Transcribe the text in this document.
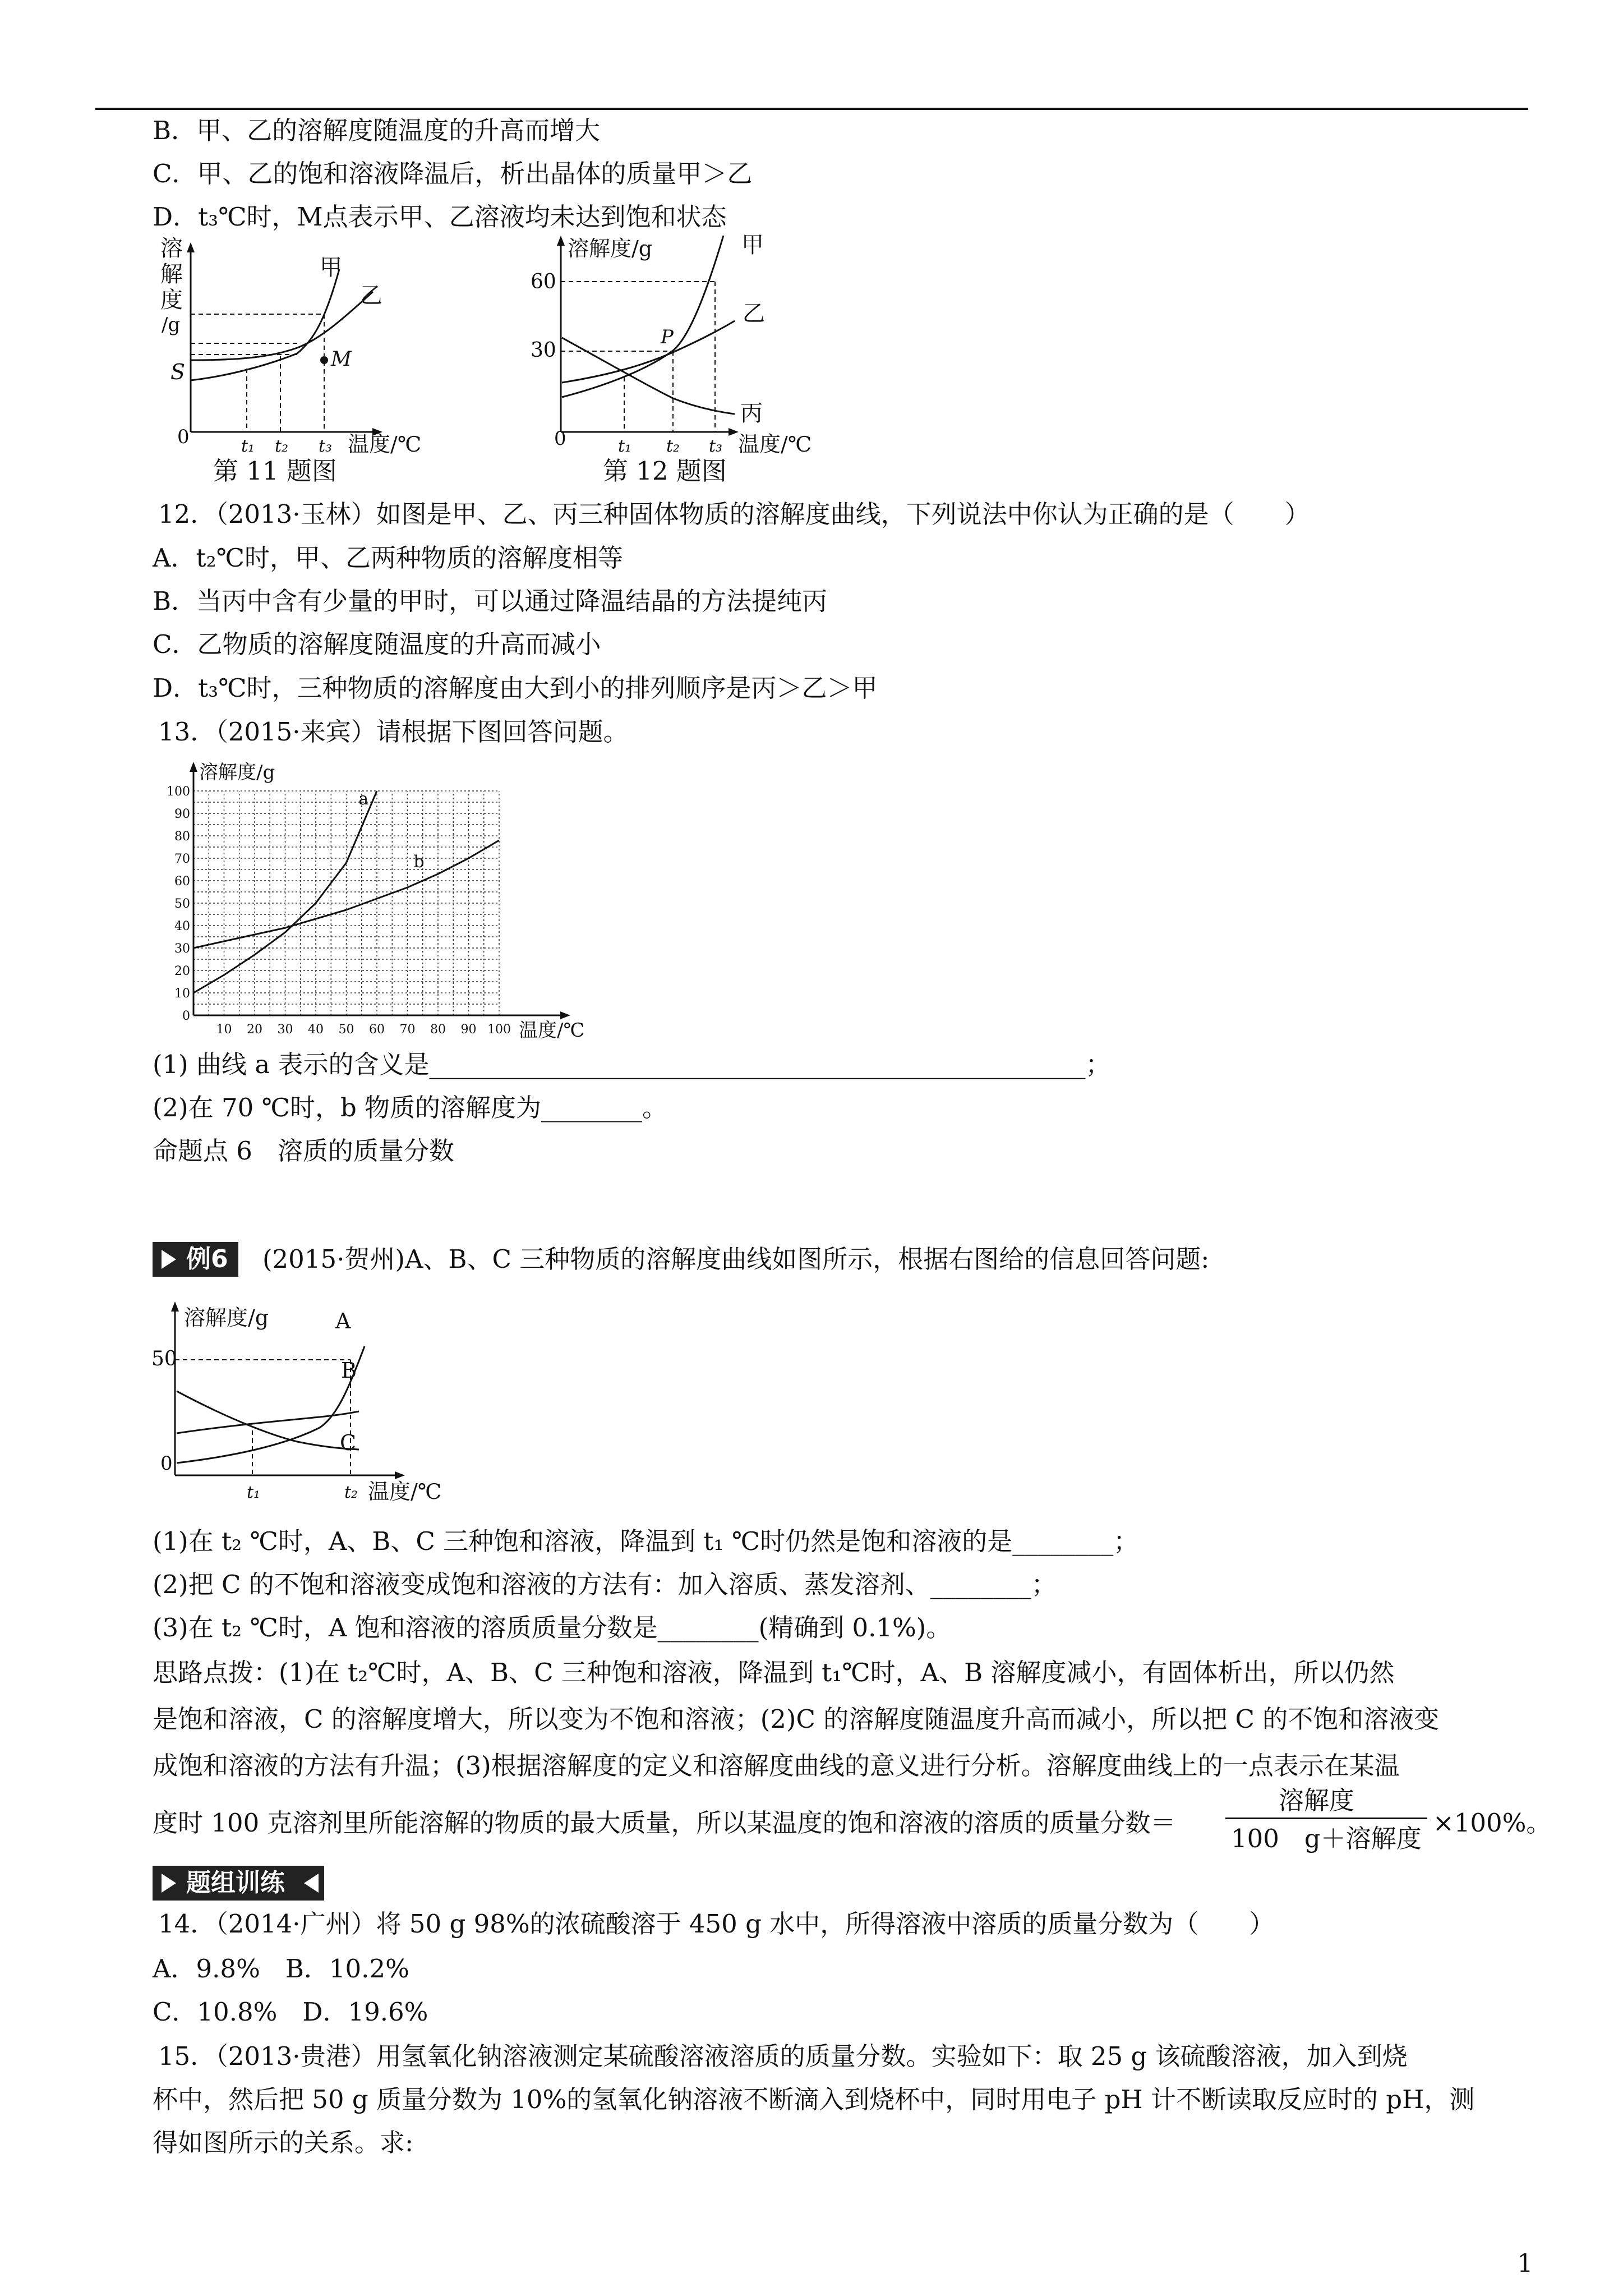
B．甲、乙的溶解度随温度的升高而增大
C．甲、乙的饱和溶液降温后，析出晶体的质量甲＞乙
D．t₃℃时，M点表示甲、乙溶液均未达到饱和状态
溶
解
度
/g
S
0
M
甲
乙
t₁ t₂ t₃ 温度/℃
第 11 题图
溶解度/g
60
30
0
P
甲
乙
丙
t₁ t₂ t₃ 温度/℃
第 12 题图
12．（2013·玉林）如图是甲、乙、丙三种固体物质的溶解度曲线，下列说法中你认为正确的是（　　）
A．t₂℃时，甲、乙两种物质的溶解度相等
B．当丙中含有少量的甲时，可以通过降温结晶的方法提纯丙
C．乙物质的溶解度随温度的升高而减小
D．t₃℃时，三种物质的溶解度由大到小的排列顺序是丙＞乙＞甲
13．（2015·来宾）请根据下图回答问题。
0
10
20
30
40
50
60
70
80
90
100
10 20 30 40 50 60 70 80 90 100
溶解度/g
温度/℃
a
b
(1) 曲线 a 表示的含义是____________________________________________________；
(2)在 70 ℃时，b 物质的溶解度为________。
命题点 6　溶质的质量分数
例6	(2015·贺州)A、B、C 三种物质的溶解度曲线如图所示，根据右图给的信息回答问题:
溶解度/g
50
0
A
B
C
t₁	t₂ 温度/℃
(1)在 t₂ ℃时，A、B、C 三种饱和溶液，降温到 t₁ ℃时仍然是饱和溶液的是________；
(2)把 C 的不饱和溶液变成饱和溶液的方法有：加入溶质、蒸发溶剂、________；
(3)在 t₂ ℃时，A 饱和溶液的溶质质量分数是________(精确到 0.1%)。
思路点拨：(1)在 t₂℃时，A、B、C 三种饱和溶液，降温到 t₁℃时，A、B 溶解度减小，有固体析出，所以仍然
是饱和溶液，C 的溶解度增大，所以变为不饱和溶液；(2)C 的溶解度随温度升高而减小，所以把 C 的不饱和溶液变
成饱和溶液的方法有升温；(3)根据溶解度的定义和溶解度曲线的意义进行分析。溶解度曲线上的一点表示在某温
度时 100 克溶剂里所能溶解的物质的最大质量，所以某温度的饱和溶液的溶质的质量分数＝
溶解度
100　g＋溶解度
×100%。
题组训练
14．（2014·广州）将 50 g 98%的浓硫酸溶于 450 g 水中，所得溶液中溶质的质量分数为（　　）
A．9.8%　B．10.2%
C．10.8%　D．19.6%
15．（2013·贵港）用氢氧化钠溶液测定某硫酸溶液溶质的质量分数。实验如下：取 25 g 该硫酸溶液，加入到烧
杯中，然后把 50 g 质量分数为 10%的氢氧化钠溶液不断滴入到烧杯中，同时用电子 pH 计不断读取反应时的 pH，测
得如图所示的关系。求:
1
